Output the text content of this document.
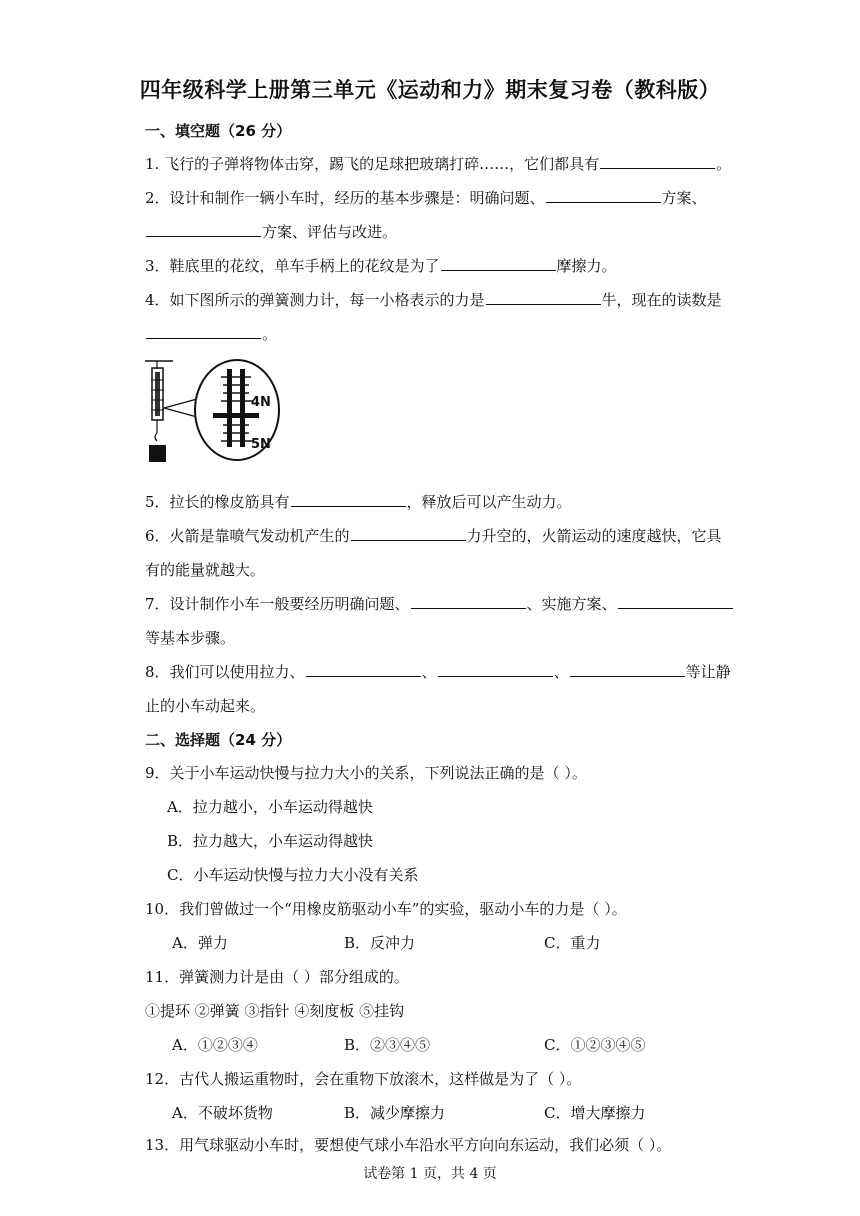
四年级科学上册第三单元《运动和力》期末复习卷（教科版）
一、填空题（26 分）
1. 飞行的子弹将物体击穿，踢飞的足球把玻璃打碎……，它们都具有	。
2．设计和制作一辆小车时，经历的基本步骤是：明确问题、	方案、
方案、评估与改进。
3．鞋底里的花纹，单车手柄上的花纹是为了	摩擦力。
4．如下图所示的弹簧测力计，每一小格表示的力是	牛，现在的读数是
。
4N
5N
5．拉长的橡皮筋具有	，释放后可以产生动力。
6．火箭是靠喷气发动机产生的	力升空的，火箭运动的速度越快，它具
有的能量就越大。
7．设计制作小车一般要经历明确问题、	、实施方案、
等基本步骤。
8．我们可以使用拉力、	、	、	等让静
止的小车动起来。
二、选择题（24 分）
9．关于小车运动快慢与拉力大小的关系，下列说法正确的是（ ）。
A．拉力越小，小车运动得越快
B．拉力越大，小车运动得越快
C．小车运动快慢与拉力大小没有关系
10．我们曾做过一个“用橡皮筋驱动小车”的实验，驱动小车的力是（ ）。
A．弹力	B．反冲力	C．重力
11．弹簧测力计是由（ ）部分组成的。
①提环 ②弹簧 ③指针 ④刻度板 ⑤挂钩
A．①②③④	B．②③④⑤	C．①②③④⑤
12．古代人搬运重物时，会在重物下放滚木，这样做是为了（ ）。
A．不破坏货物	B．减少摩擦力	C．增大摩擦力
13．用气球驱动小车时，要想使气球小车沿水平方向向东运动，我们必须（ ）。
试卷第 1 页，共 4 页
